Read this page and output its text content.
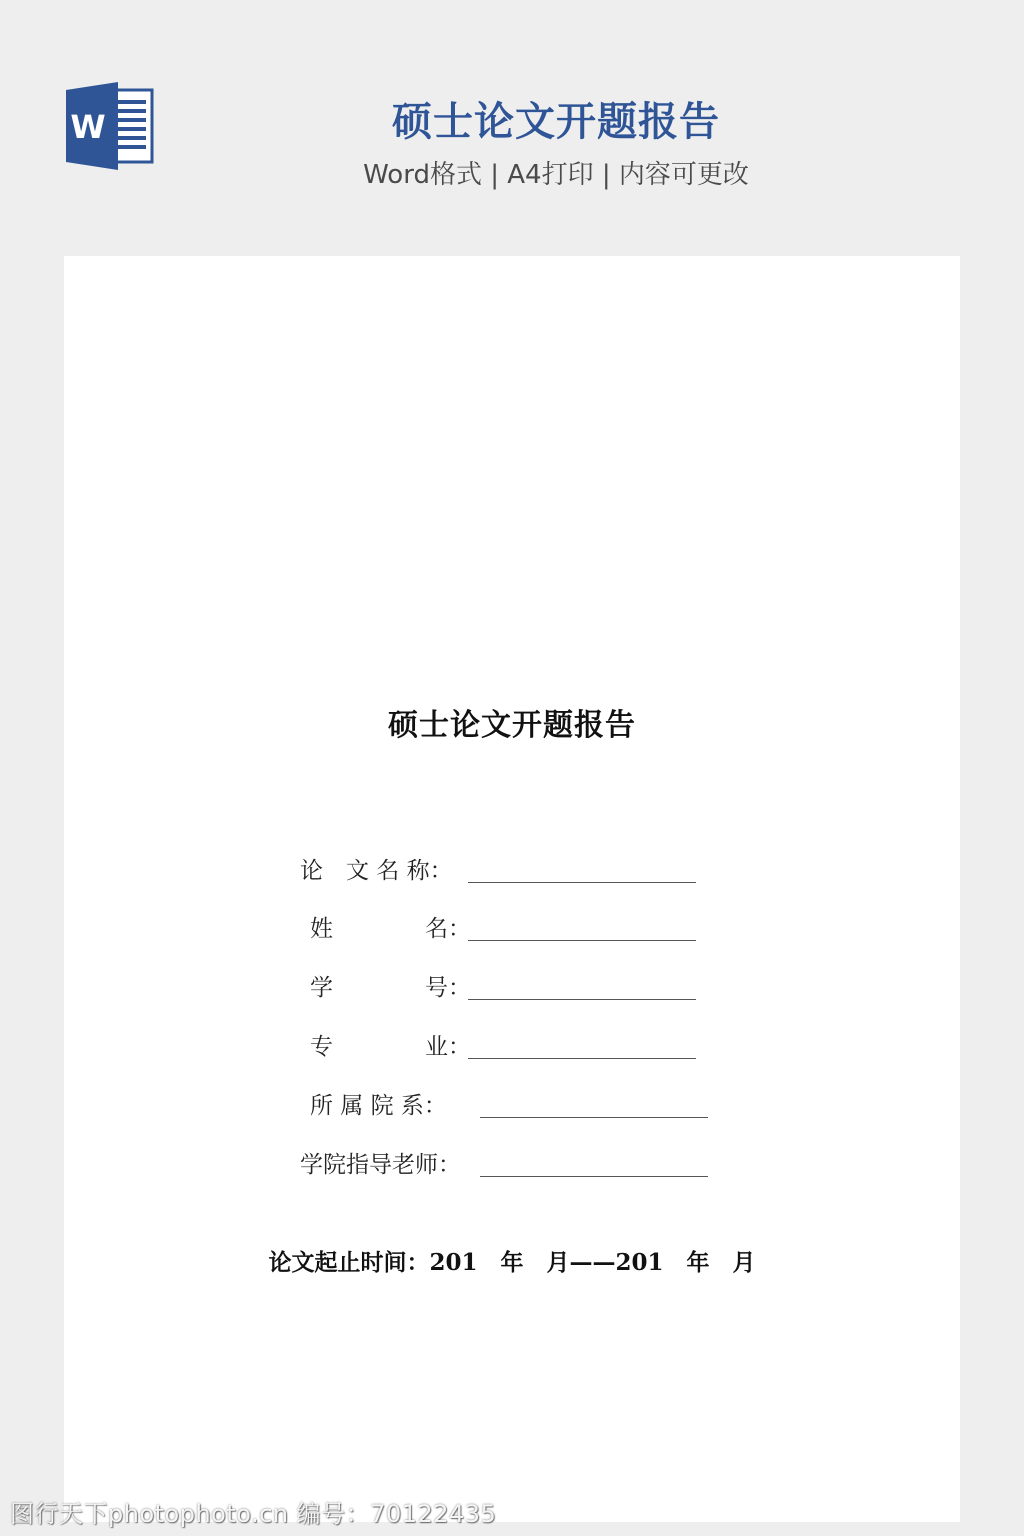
W	硕士论文开题报告
Word格式 | A4打印 | 内容可更改
硕士论文开题报告
论　文 名 称：
姓　　　　名：
学　　　　号：
专　　　　业：
所 属 院 系：
学院指导老师：
论文起止时间：201　年　月——201　年　月
图行天下photophoto.cn 编号：70122435
